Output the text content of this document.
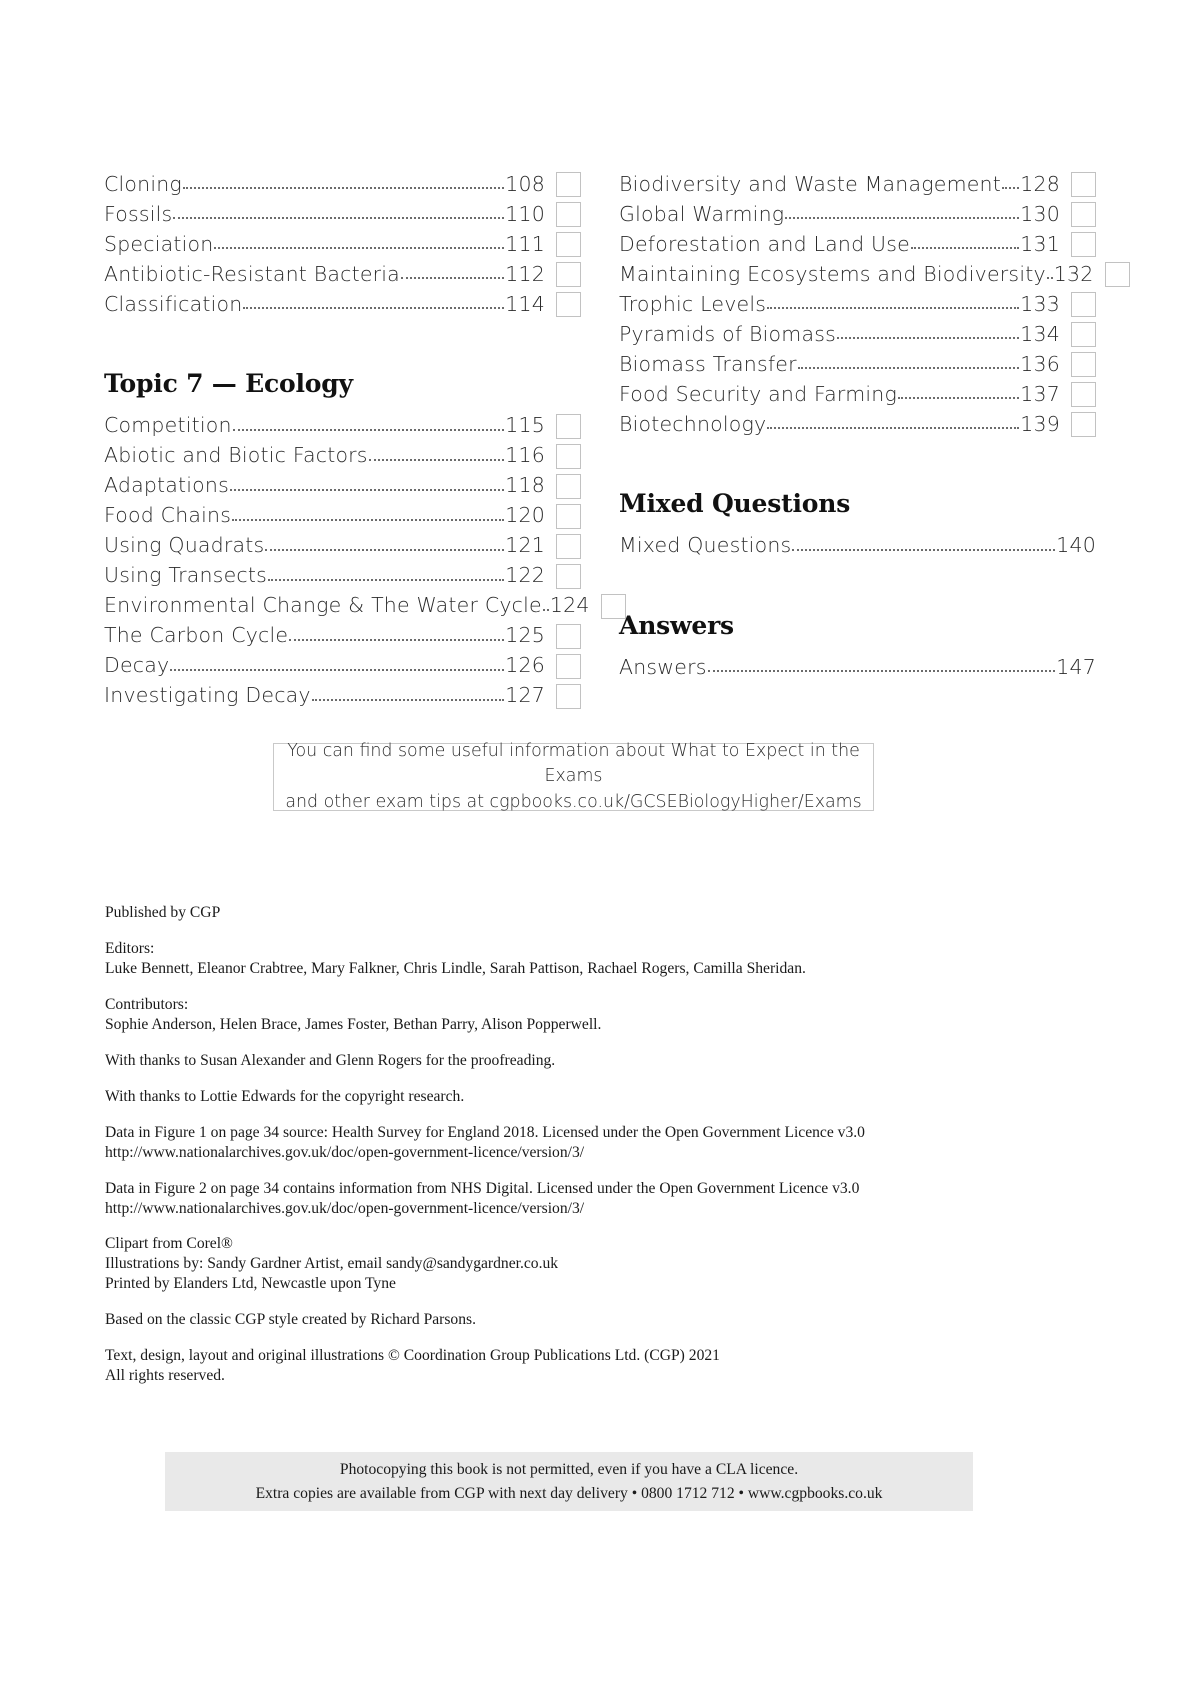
Cloning	108
Fossils	110
Speciation	111
Antibiotic-Resistant Bacteria	112
Classification	114
Topic 7 — Ecology
Competition	115
Abiotic and Biotic Factors	116
Adaptations	118
Food Chains	120
Using Quadrats	121
Using Transects	122
Environmental Change & The Water Cycle 124
The Carbon Cycle	125
Decay	126
Investigating Decay	127
Biodiversity and Waste Management 128
Global Warming	130
Deforestation and Land Use	131
Maintaining Ecosystems and Biodiversity 132
Trophic Levels	133
Pyramids of Biomass	134
Biomass Transfer	136
Food Security and Farming	137
Biotechnology	139
Mixed Questions
Mixed Questions	140
Answers
Answers	147
You can find some useful information about What to Expect in the Exams
and other exam tips at cgpbooks.co.uk/GCSEBiologyHigher/Exams

Published by CGP

Editors:

Luke Bennett, Eleanor Crabtree, Mary Falkner, Chris Lindle, Sarah Pattison, Rachael Rogers, Camilla Sheridan.

Contributors:

Sophie Anderson, Helen Brace, James Foster, Bethan Parry, Alison Popperwell.

With thanks to Susan Alexander and Glenn Rogers for the proofreading.

With thanks to Lottie Edwards for the copyright research.

Data in Figure 1 on page 34 source: Health Survey for England 2018. Licensed under the Open Government Licence v3.0

http://www.nationalarchives.gov.uk/doc/open-government-licence/version/3/

Data in Figure 2 on page 34 contains information from NHS Digital. Licensed under the Open Government Licence v3.0

http://www.nationalarchives.gov.uk/doc/open-government-licence/version/3/

Clipart from Corel®

Illustrations by: Sandy Gardner Artist, email sandy@sandygardner.co.uk

Printed by Elanders Ltd, Newcastle upon Tyne

Based on the classic CGP style created by Richard Parsons.

Text, design, layout and original illustrations © Coordination Group Publications Ltd. (CGP) 2021

All rights reserved.

Photocopying this book is not permitted, even if you have a CLA licence.
Extra copies are available from CGP with next day delivery • 0800 1712 712 • www.cgpbooks.co.uk
